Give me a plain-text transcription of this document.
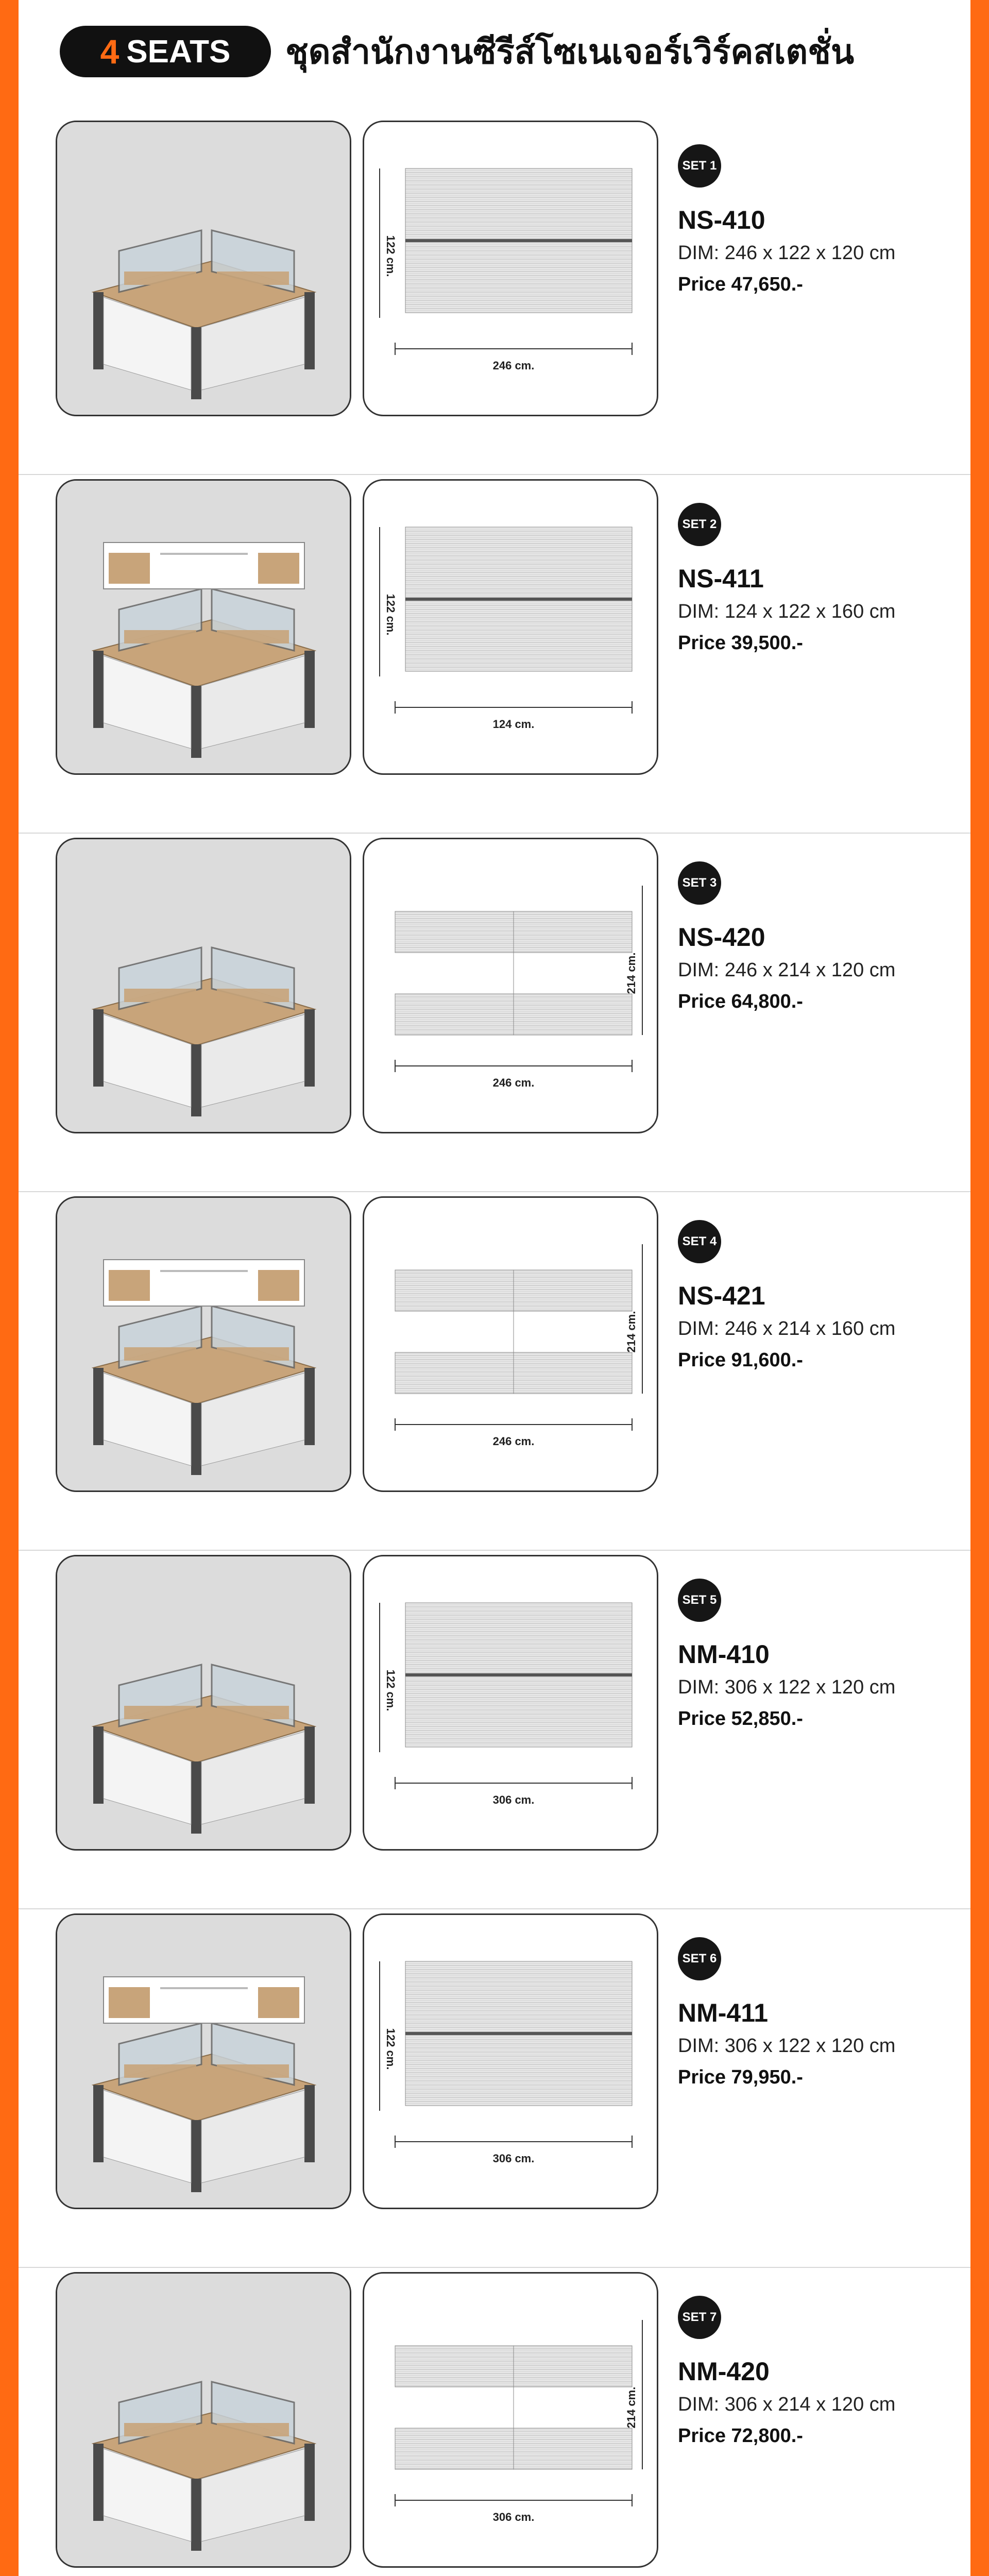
4 SEATS ชุดสำนักงานซีรีส์โซเนเจอร์เวิร์คสเตชั่น
246 cm.
122 cm.
SET 1
NS-410
DIM: 246 x 122 x 120 cm
Price 47,650.-
124 cm.
122 cm.
SET 2
NS-411
DIM: 124 x 122 x 160 cm
Price 39,500.-
246 cm.
214 cm.
SET 3
NS-420
DIM: 246 x 214 x 120 cm
Price 64,800.-
246 cm.
214 cm.
SET 4
NS-421
DIM: 246 x 214 x 160 cm
Price 91,600.-
306 cm.
122 cm.
SET 5
NM-410
DIM: 306 x 122 x 120 cm
Price 52,850.-
306 cm.
122 cm.
SET 6
NM-411
DIM: 306 x 122 x 120 cm
Price 79,950.-
306 cm.
214 cm.
SET 7
NM-420
DIM: 306 x 214 x 120 cm
Price 72,800.-
